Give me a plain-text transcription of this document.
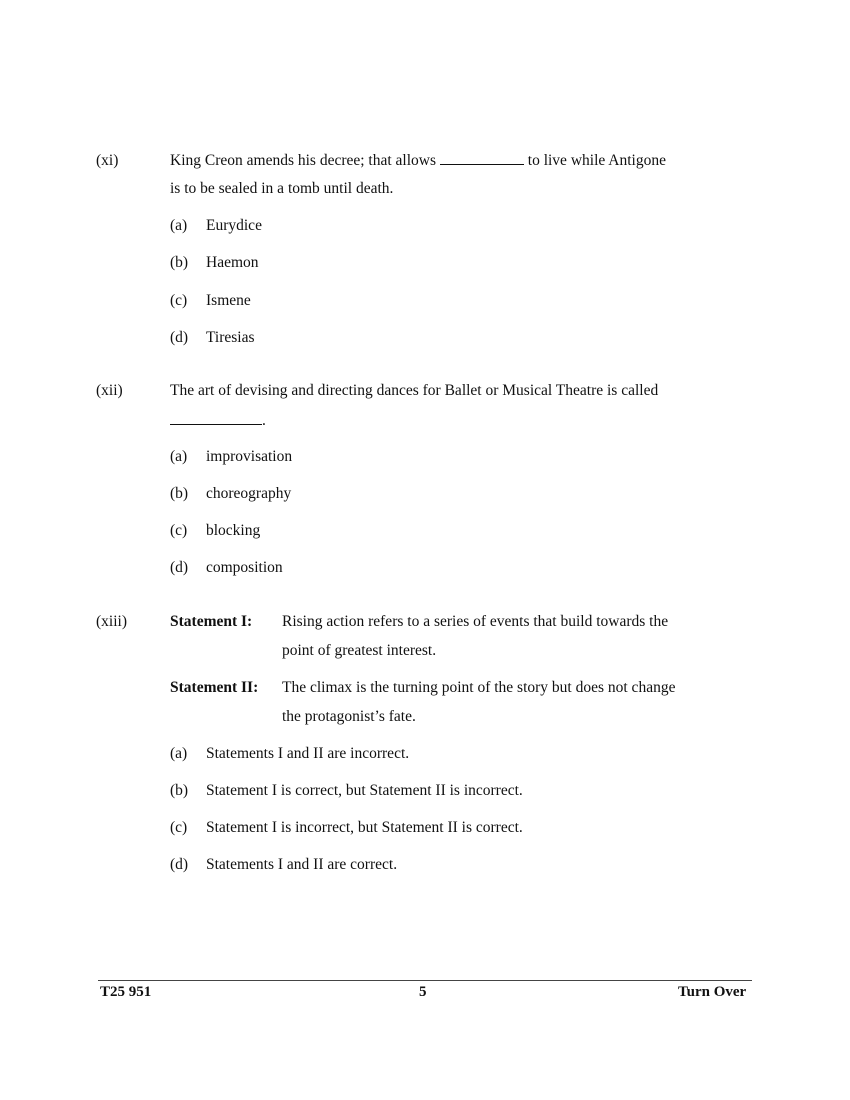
(xi)	King Creon amends his decree; that allows	to live while Antigone
is to be sealed in a tomb until death.
(a) Eurydice
(b) Haemon
(c) Ismene
(d) Tiresias
(xii)	The art of devising and directing dances for Ballet or Musical Theatre is called
.
(a) improvisation
(b) choreography
(c) blocking
(d) composition
(xiii)	Statement I: Rising action refers to a series of events that build towards the
point of greatest interest.
Statement II: The climax is the turning point of the story but does not change
the protagonist’s fate.
(a) Statements I and II are incorrect.
(b) Statement I is correct, but Statement II is incorrect.
(c) Statement I is incorrect, but Statement II is correct.
(d) Statements I and II are correct.
T25 951	5	Turn Over
